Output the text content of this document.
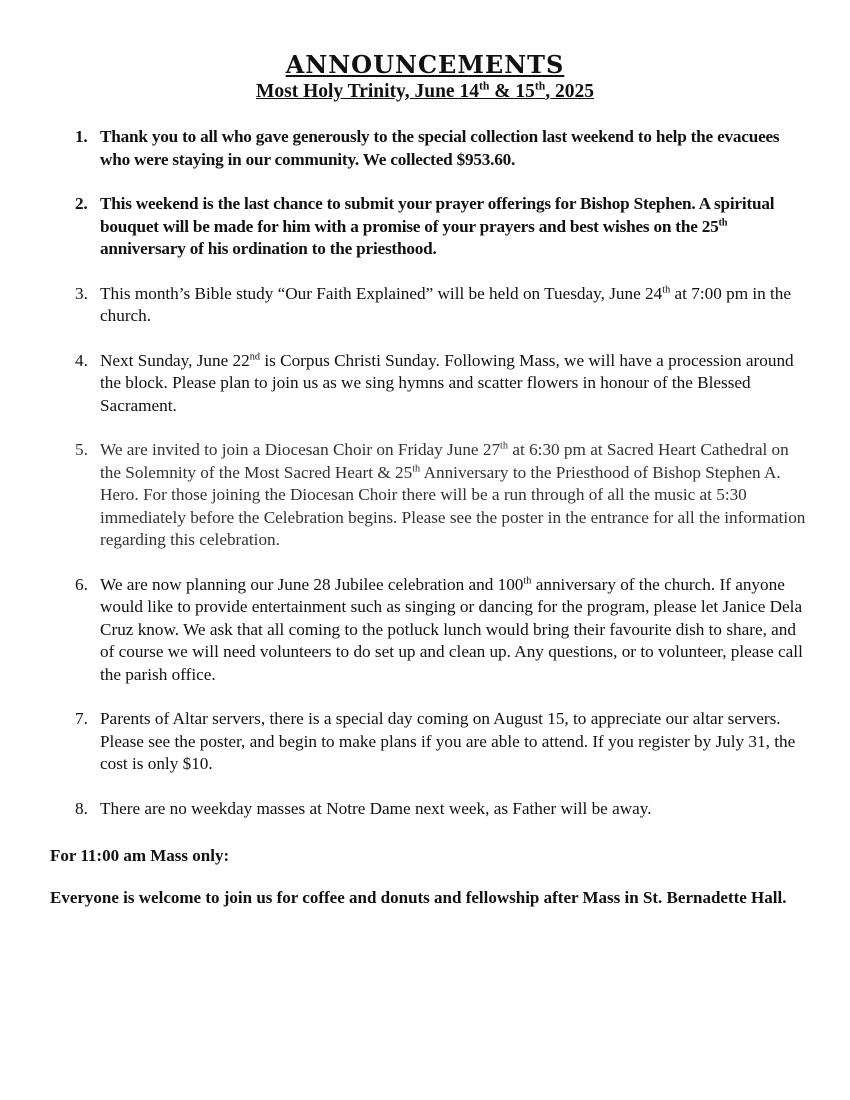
ANNOUNCEMENTS
Most Holy Trinity, June 14th & 15th, 2025
1. Thank you to all who gave generously to the special collection last weekend to help the evacuees who were staying in our community. We collected $953.60.
2. This weekend is the last chance to submit your prayer offerings for Bishop Stephen. A spiritual bouquet will be made for him with a promise of your prayers and best wishes on the 25th anniversary of his ordination to the priesthood.
3. This month’s Bible study “Our Faith Explained” will be held on Tuesday, June 24th at 7:00 pm in the church.
4. Next Sunday, June 22nd is Corpus Christi Sunday. Following Mass, we will have a procession around the block. Please plan to join us as we sing hymns and scatter flowers in honour of the Blessed Sacrament.
5. We are invited to join a Diocesan Choir on Friday June 27th at 6:30 pm at Sacred Heart Cathedral on the Solemnity of the Most Sacred Heart & 25th Anniversary to the Priesthood of Bishop Stephen A. Hero. For those joining the Diocesan Choir there will be a run through of all the music at 5:30 immediately before the Celebration begins. Please see the poster in the entrance for all the information regarding this celebration.
6. We are now planning our June 28 Jubilee celebration and 100th anniversary of the church. If anyone would like to provide entertainment such as singing or dancing for the program, please let Janice Dela Cruz know. We ask that all coming to the potluck lunch would bring their favourite dish to share, and of course we will need volunteers to do set up and clean up. Any questions, or to volunteer, please call the parish office.
7. Parents of Altar servers, there is a special day coming on August 15, to appreciate our altar servers. Please see the poster, and begin to make plans if you are able to attend. If you register by July 31, the cost is only $10.
8. There are no weekday masses at Notre Dame next week, as Father will be away.
For 11:00 am Mass only:
Everyone is welcome to join us for coffee and donuts and fellowship after Mass in St. Bernadette Hall.
